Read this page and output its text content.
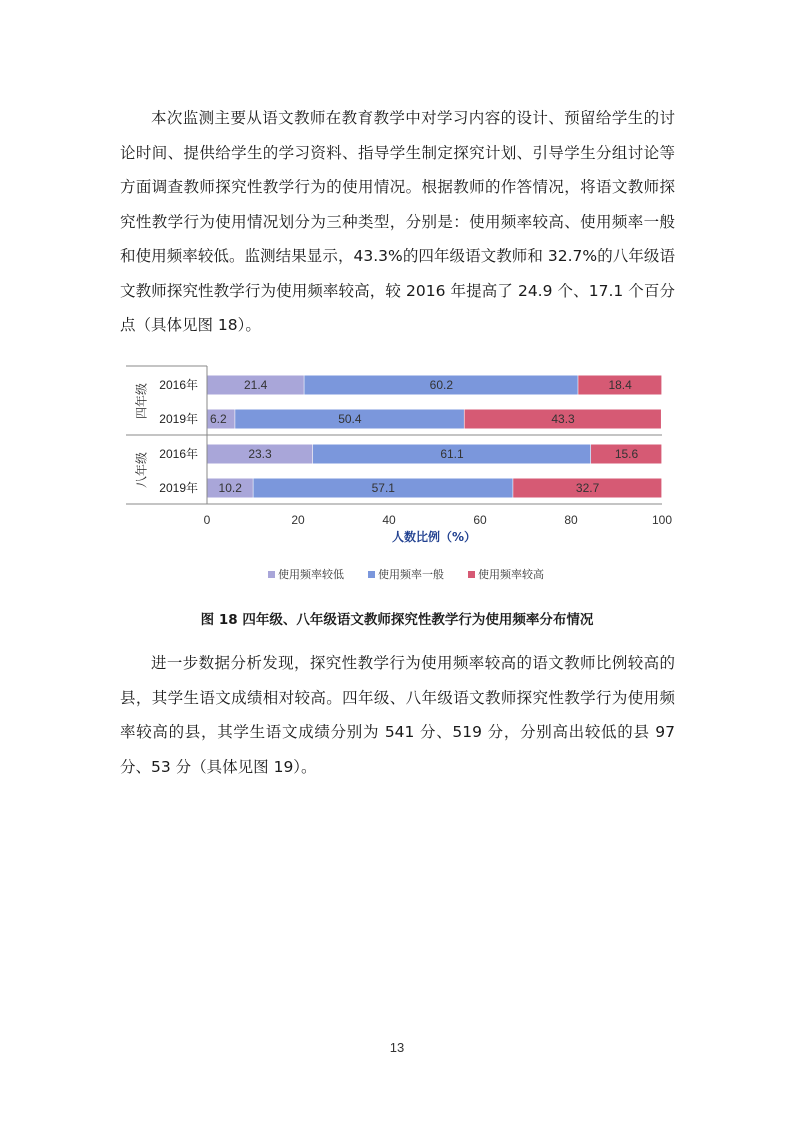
本次监测主要从语文教师在教育教学中对学习内容的设计、预留给学生的讨论时间、提供给学生的学习资料、指导学生制定探究计划、引导学生分组讨论等方面调查教师探究性教学行为的使用情况。根据教师的作答情况，将语文教师探究性教学行为使用情况划分为三种类型，分别是：使用频率较高、使用频率一般和使用频率较低。监测结果显示，43.3%的四年级语文教师和 32.7%的八年级语文教师探究性教学行为使用频率较高，较 2016 年提高了 24.9 个、17.1 个百分点（具体见图 18）。

2016年	21.4	60.2	18.4
2019年 6.2	50.4	43.3
2016年	23.3	61.1	15.6
2019年 10.2	57.1	32.7
四年级
八年级
0	20	40	60	80	100
人数比例（%）
使用频率较低	使用频率一般	使用频率较高

图 18 四年级、八年级语文教师探究性教学行为使用频率分布情况

进一步数据分析发现，探究性教学行为使用频率较高的语文教师比例较高的县，其学生语文成绩相对较高。四年级、八年级语文教师探究性教学行为使用频率较高的县，其学生语文成绩分别为 541 分、519 分，分别高出较低的县 97 分、53 分（具体见图 19）。

13
